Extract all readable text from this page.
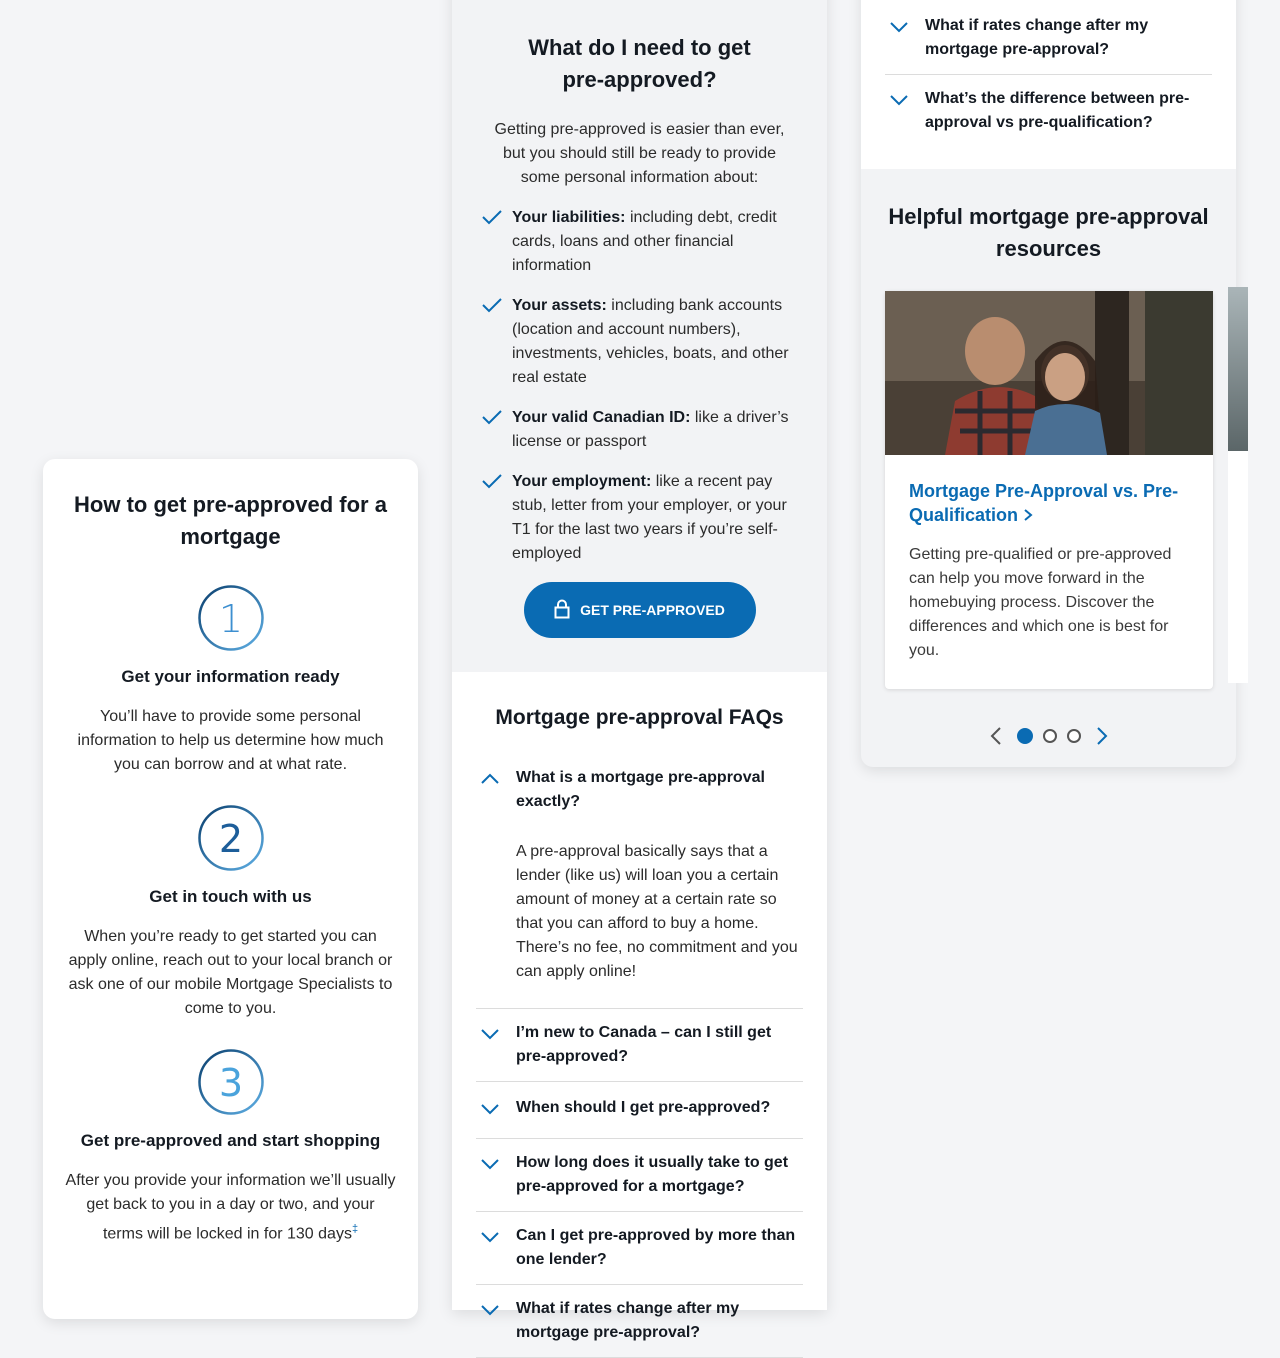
How to get pre-approved for a mortgage
1
Get your information ready

You’ll have to provide some personal information to help us determine how much you can borrow and at what rate.

2
Get in touch with us

When you’re ready to get started you can apply online, reach out to your local branch or ask one of our mobile Mortgage Specialists to come to you.

3
Get pre-approved and start shopping

After you provide your information we’ll usually get back to you in a day or two, and your terms will be locked in for 130 days‡

What do I need to get pre-approved?

Getting pre-approved is easier than ever, but you should still be ready to provide some personal information about:

Your liabilities: including debt, credit cards, loans and other financial information
Your assets: including bank accounts (location and account numbers), investments, vehicles, boats, and other real estate
Your valid Canadian ID: like a driver’s license or passport
Your employment: like a recent pay stub, letter from your employer, or your T1 for the last two years if you’re self-employed
GET PRE-APPROVED
Mortgage pre-approval FAQs
What is a mortgage pre-approval exactly?

A pre-approval basically says that a lender (like us) will loan you a certain amount of money at a certain rate so that you can afford to buy a home. There’s no fee, no commitment and you can apply online!

I’m new to Canada – can I still get pre-approved?
When should I get pre-approved?
How long does it usually take to get pre-approved for a mortgage?
Can I get pre-approved by more than one lender?
What if rates change after my mortgage pre-approval?
What if rates change after my mortgage pre-approval?
What’s the difference between pre-approval vs pre-qualification?
Helpful mortgage pre-approval resources
Mortgage Pre-Approval vs. Pre-Qualification

Getting pre-qualified or pre-approved can help you move forward in the homebuying process. Discover the differences and which one is best for you.
